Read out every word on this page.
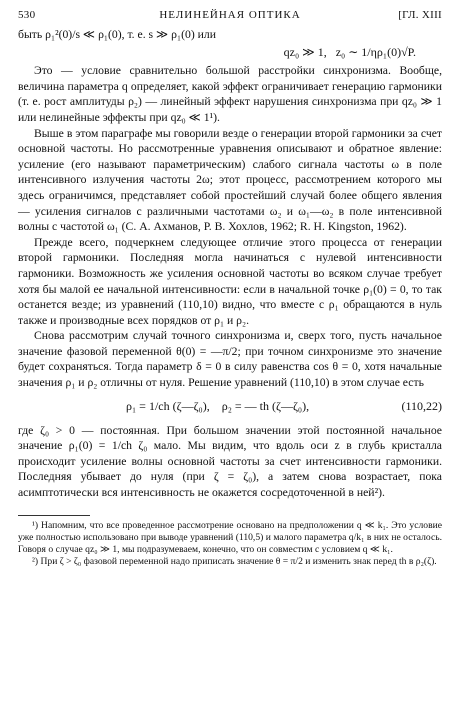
530	НЕЛИНЕЙНАЯ ОПТИКА	[ГЛ. XIII

быть ρ₁²(0)/s ≪ ρ₁(0), т. е. s ≫ ρ₁(0) или

qz₀ ≫ 1,   z₀ ∼ 1/ηρ₁(0)√P.

Это — условие сравнительно большой расстройки синхронизма. Вообще, величина параметра q определяет, какой эффект ограничивает генерацию гармоники (т. е. рост амплитуды ρ₂) — линейный эффект нарушения синхронизма при qz₀ ≫ 1 или нелинейные эффекты при qz₀ ≪ 1¹).

Выше в этом параграфе мы говорили везде о генерации второй гармоники за счет основной частоты. Но рассмотренные уравнения описывают и обратное явление: усиление (его называют параметрическим) слабого сигнала частоты ω в поле интенсивного излучения частоты 2ω; этот процесс, рассмотрением которого мы здесь ограничимся, представляет собой простейший случай более общего явления — усиления сигналов с различными частотами ω₂ и ω₁—ω₂ в поле интенсивной волны с частотой ω₁ (С. А. Ахманов, Р. В. Хохлов, 1962; R. H. Kingston, 1962).

Прежде всего, подчеркнем следующее отличие этого процесса от генерации второй гармоники. Последняя могла начинаться с нулевой интенсивности гармоники. Возможность же усиления основной частоты во всяком случае требует хотя бы малой ее начальной интенсивности: если в начальной точке ρ₁(0) = 0, то так останется везде; из уравнений (110,10) видно, что вместе с ρ₁ обращаются в нуль также и производные всех порядков от ρ₁ и ρ₂.

Снова рассмотрим случай точного синхронизма и, сверх того, пусть начальное значение фазовой переменной θ(0) = —π/2; при точном синхронизме это значение будет сохраняться. Тогда параметр δ = 0 в силу равенства cos θ = 0, хотя начальные значения ρ₁ и ρ₂ отличны от нуля. Решение уравнений (110,10) в этом случае есть

ρ₁ = 1/ch (ζ—ζ₀),    ρ₂ = — th (ζ—ζ₀),	(110,22)

где ζ₀ > 0 — постоянная. При большом значении этой постоянной начальное значение ρ₁(0) = 1/ch ζ₀ мало. Мы видим, что вдоль оси z в глубь кристалла происходит усиление волны основной частоты за счет интенсивности гармоники. Последняя убывает до нуля (при ζ = ζ₀), а затем снова возрастает, пока асимптотически вся интенсивность не окажется сосредоточенной в ней²).

¹) Напомним, что все проведенное рассмотрение основано на предположении q ≪ k₁. Это условие уже полностью использовано при выводе уравнений (110,5) и малого параметра q/k₁ в них не осталось. Говоря о случае qz₀ ≫ 1, мы подразумеваем, конечно, что он совместим с условием q ≪ k₁.

²) При ζ > ζ₀ фазовой переменной надо приписать значение θ = π/2 и изменить знак перед th в ρ₂(ζ).
